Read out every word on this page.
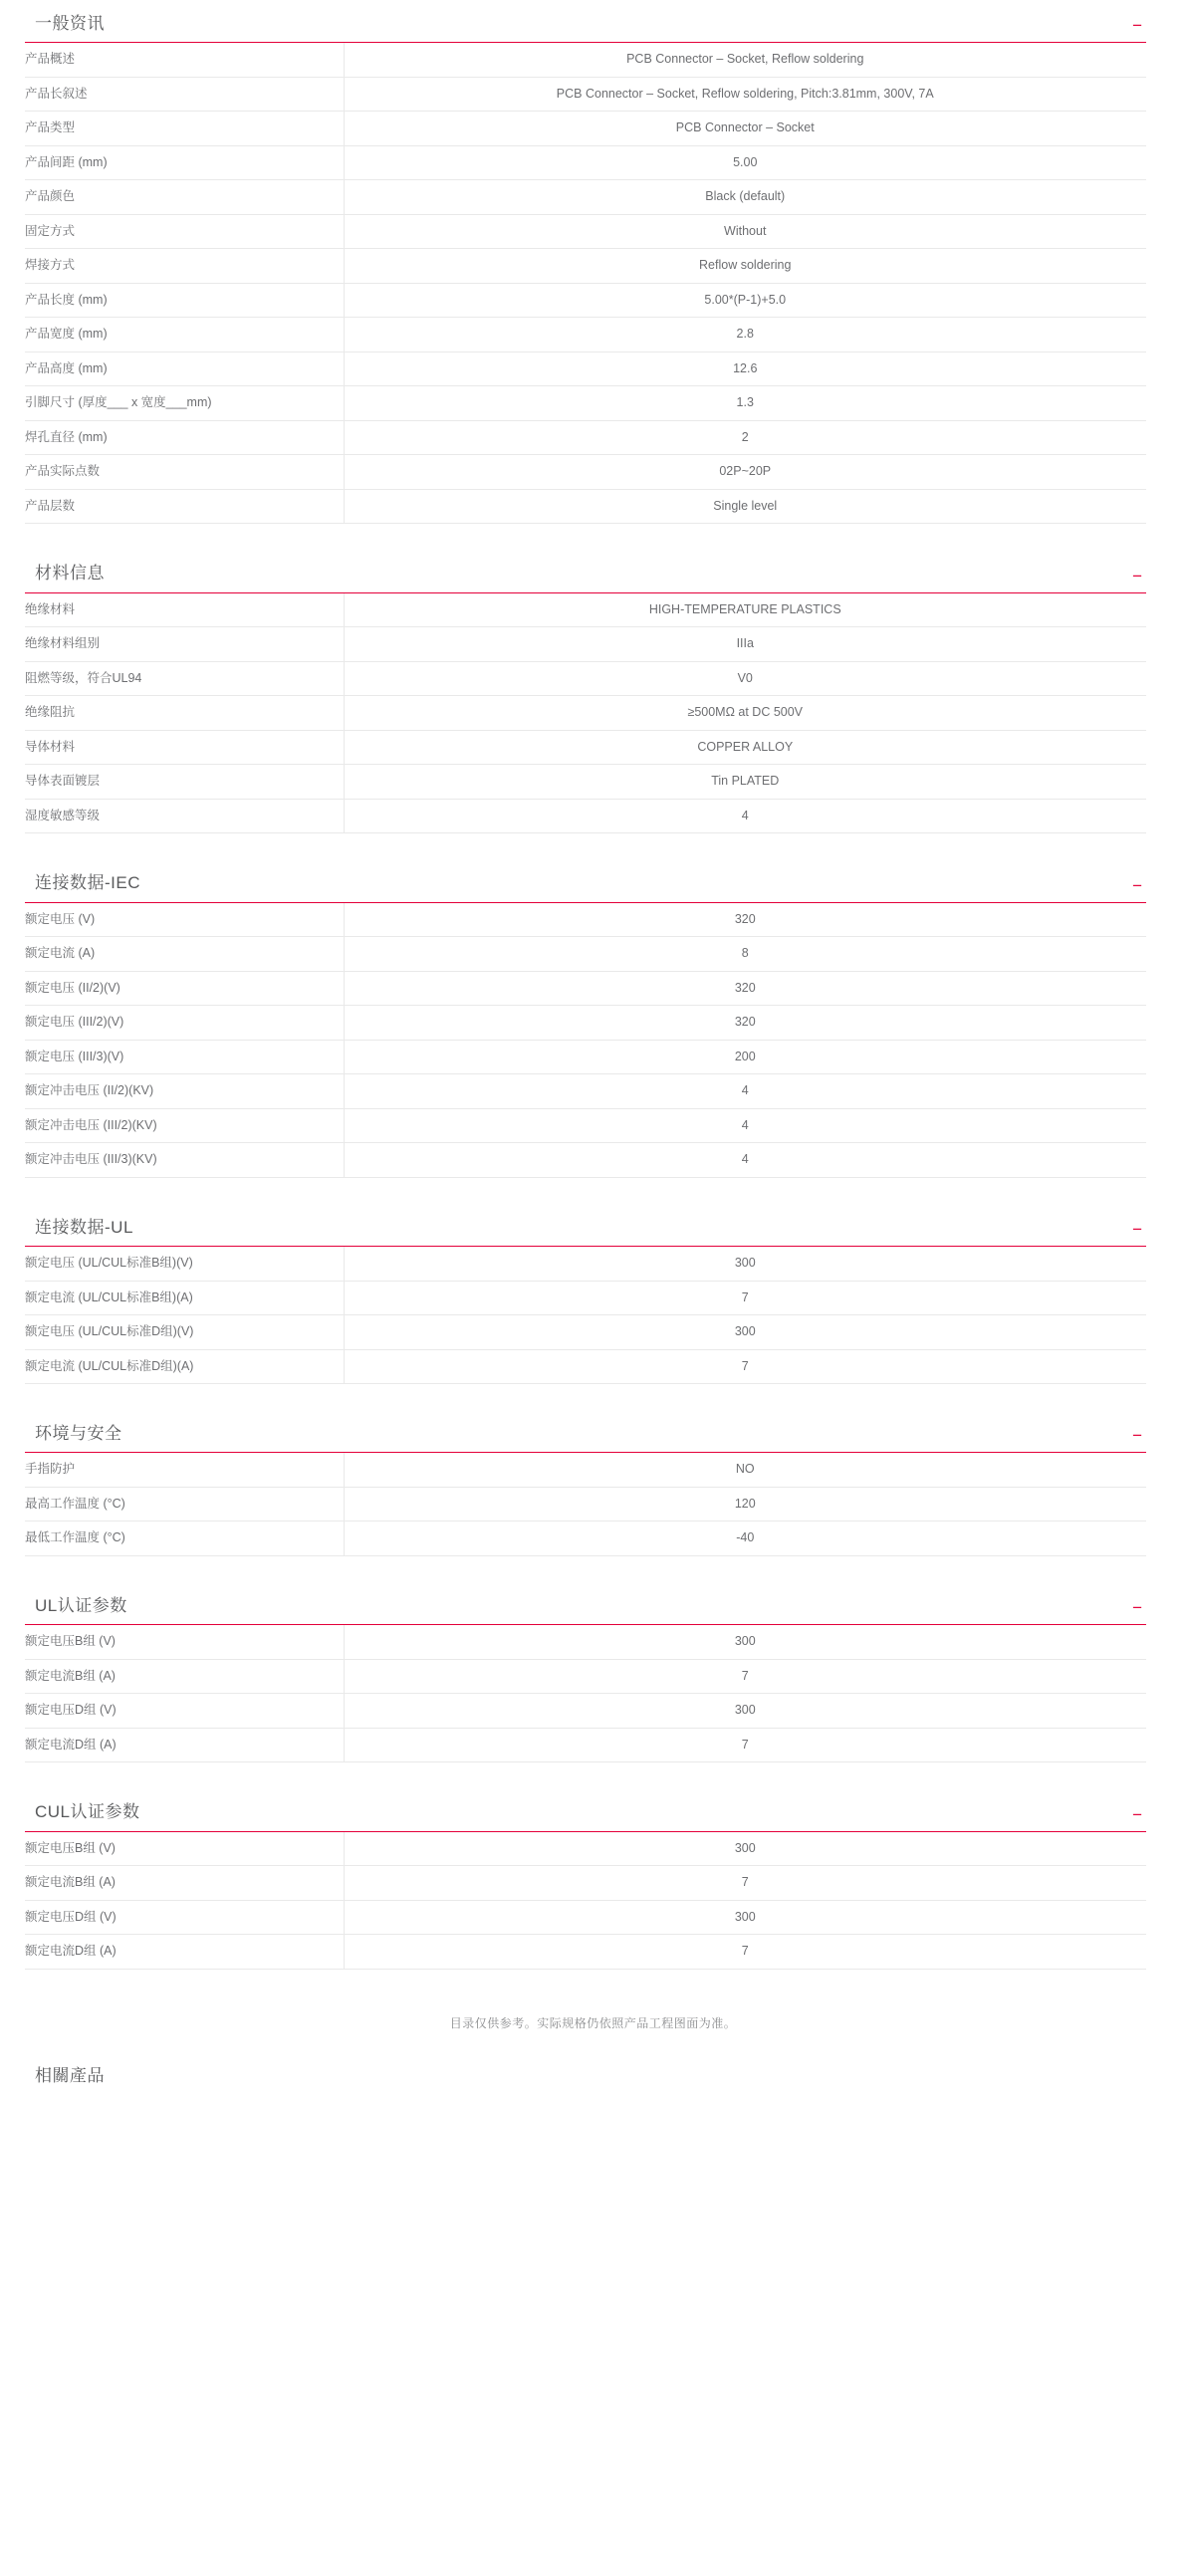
一般资讯	−
产品概述	PCB Connector – Socket, Reflow soldering
产品长叙述	PCB Connector – Socket, Reflow soldering, Pitch:3.81mm, 300V, 7A
产品类型	PCB Connector – Socket
产品间距 (mm)	5.00
产品颜色	Black (default)
固定方式	Without
焊接方式	Reflow soldering
产品长度 (mm)	5.00*(P-1)+5.0
产品宽度 (mm)	2.8
产品高度 (mm)	12.6
引脚尺寸 (厚度___ x 宽度___mm)	1.3
焊孔直径 (mm)	2
产品实际点数	02P~20P
产品层数	Single level
材料信息	−
绝缘材料	HIGH-TEMPERATURE PLASTICS
绝缘材料组别	IIIa
阻燃等级，符合UL94	V0
绝缘阻抗	≥500MΩ at DC 500V
导体材料	COPPER ALLOY
导体表面镀层	Tin PLATED
湿度敏感等级	4
连接数据-IEC	−
额定电压 (V)	320
额定电流 (A)	8
额定电压 (II/2)(V)	320
额定电压 (III/2)(V)	320
额定电压 (III/3)(V)	200
额定冲击电压 (II/2)(KV)	4
额定冲击电压 (III/2)(KV)	4
额定冲击电压 (III/3)(KV)	4
连接数据-UL	−
额定电压 (UL/CUL标准B组)(V)	300
额定电流 (UL/CUL标准B组)(A)	7
额定电压 (UL/CUL标准D组)(V)	300
额定电流 (UL/CUL标准D组)(A)	7
环境与安全	−
手指防护	NO
最高工作温度 (°C)	120
最低工作温度 (°C)	-40
UL认证参数	−
额定电压B组 (V)	300
额定电流B组 (A)	7
额定电压D组 (V)	300
额定电流D组 (A)	7
CUL认证参数	−
额定电压B组 (V)	300
额定电流B组 (A)	7
额定电压D组 (V)	300
额定电流D组 (A)	7
目录仅供参考。实际规格仍依照产品工程图面为准。
相關產品
